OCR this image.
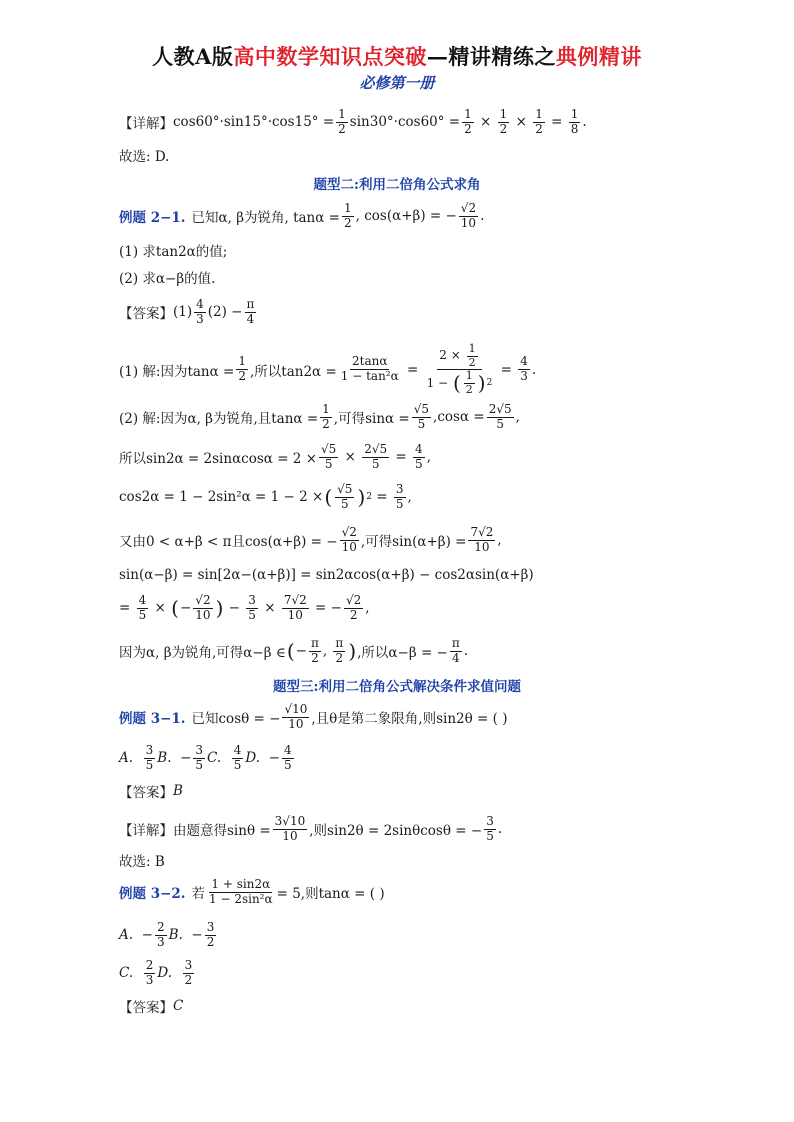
人教A版高中数学知识点突破—精讲精练之典例精讲
必修第一册
【详解】 $\cos 60^\circ\cdot\sin 15^\circ\cdot\cos 15^\circ = \frac{1}{2} \sin 30^\circ\cdot\cos 60^\circ = \frac{1}{2} \times \frac{1}{2} \times \frac{1}{2} = \frac{1}{8}$ .
故选: D.
题型二:利用二倍角公式求角
例题 2−1. 已知α, β为锐角, $\tan\alpha = \frac{1}{2}$ , cos(α+β) = − $\frac{√2}{10}$ .
(1) 求tan2α的值;
(2) 求α−β的值.
【答案】 $(1) \frac{4}{3} (2) - \frac{\pi}{4}$
(1) 解:因为$\tan\alpha = \frac{1}{2}$ ,所以$\tan 2\alpha = \frac{2\tan\alpha}{\text{1 − tan²α}} = \frac{2 \times \frac{1}{2}}{1 - ( \frac{1}{2} ) 2} = \frac{4}{3}$ .
(2) 解:因为α, β为锐角,且$\tan\alpha = \frac{1}{2}$ ,可得$\sin\alpha = \frac{√5}{5} ,\cos\alpha = \frac{2√5}{5}$ ,
所以$\sin 2\alpha = 2\sin\alpha\cos\alpha = 2 \times \frac{√5}{5} \times \frac{2√5}{5} = \frac{4}{5}$ ,
cos2α = 1 − 2sin²α = 1 − 2 × ( $\frac{√5}{5}$ ) $2 = \frac{3}{5}$ ,
又由0 < α+β < π且cos(α+β) = − $\frac{√2}{10}$ ,可得$\sin(\alpha+\beta) = \frac{7√2}{10}$ ,
sin(α−β) = sin[2α−(α+β)] = sin2αcos(α+β) − cos2αsin(α+β)
= $\frac{4}{5}$ × ( − $\frac{√2}{10}$ ) − $\frac{3}{5} \times \frac{7√2}{10}$ = − $\frac{√2}{2}$ ,
因为α, β为锐角,可得α−β ∈ ( − $\frac{\pi}{2}$ , $\frac{\pi}{2}$ ) ,所以α−β = − $\frac{\pi}{4}$ .
题型三:利用二倍角公式解决条件求值问题
例题 3−1. 已知cosθ = − $\frac{√10}{10}$ ,且θ是第二象限角,则sin2θ = ( )
A.
$\frac{3}{5} B$. − $\frac{3}{5} C$.
$\frac{4}{5} D$. − $\frac{4}{5}$
【答案】 B
【详解】 由题意得$\sin\theta = \frac{3√10}{10}$ ,则sin2θ = 2sinθcosθ = − $\frac{3}{5}$ .
故选: B
例题 3−2. 若 $\frac{1 + \sin 2\alpha}{\text{1 − 2sin²α}} = 5$,则tanα = ( )
A. − $\frac{2}{3} B$. − $\frac{3}{2}$
C.
$\frac{2}{3} D$.
$\frac{3}{2}$
【答案】 C
